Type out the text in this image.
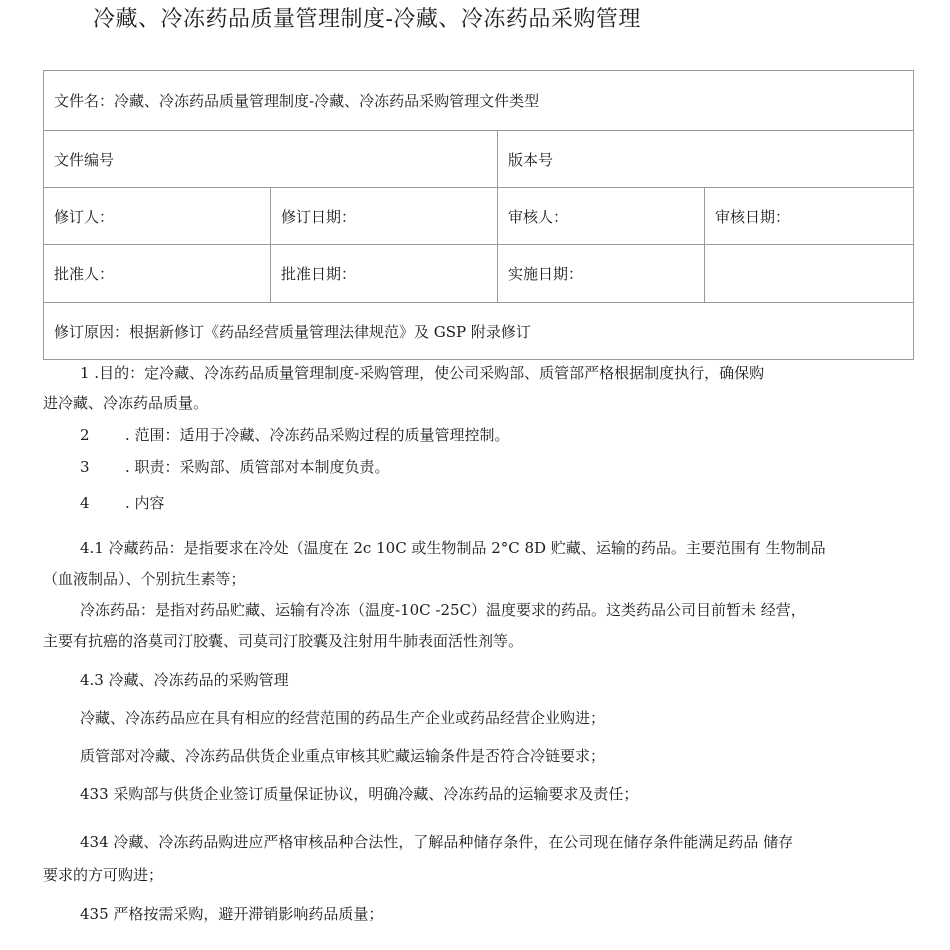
冷藏、冷冻药品质量管理制度-冷藏、冷冻药品采购管理
文件名：冷藏、冷冻药品质量管理制度-冷藏、冷冻药品采购管理文件类型			
文件编号		版本号	
修订人：	修订日期：	审核人：	审核日期：
批准人：	批准日期：	实施日期：	
修订原因：根据新修订《药品经营质量管理法律规范》及 GSP 附录修订			
1 .目的：定冷藏、冷冻药品质量管理制度-采购管理，使公司采购部、质管部严格根据制度执行，确保购
进冷藏、冷冻药品质量。
2 . 范围：适用于冷藏、冷冻药品采购过程的质量管理控制。
3 . 职责：采购部、质管部对本制度负责。
4 . 内容
4.1 冷藏药品：是指要求在冷处（温度在 2c 10C 或生物制品 2°C 8D 贮藏、运输的药品。主要范围有 生物制品
（血液制品）、个别抗生素等；
冷冻药品：是指对药品贮藏、运输有冷冻（温度-10C -25C）温度要求的药品。这类药品公司目前暂未 经营，
主要有抗癌的洛莫司汀胶囊、司莫司汀胶囊及注射用牛肺表面活性剂等。
4.3 冷藏、冷冻药品的采购管理
冷藏、冷冻药品应在具有相应的经营范围的药品生产企业或药品经营企业购进；
质管部对冷藏、冷冻药品供货企业重点审核其贮藏运输条件是否符合冷链要求；
433 采购部与供货企业签订质量保证协议，明确冷藏、冷冻药品的运输要求及责任；
434 冷藏、冷冻药品购进应严格审核品种合法性，了解品种储存条件，在公司现在储存条件能满足药品 储存
要求的方可购进；
435 严格按需采购，避开滞销影响药品质量；
